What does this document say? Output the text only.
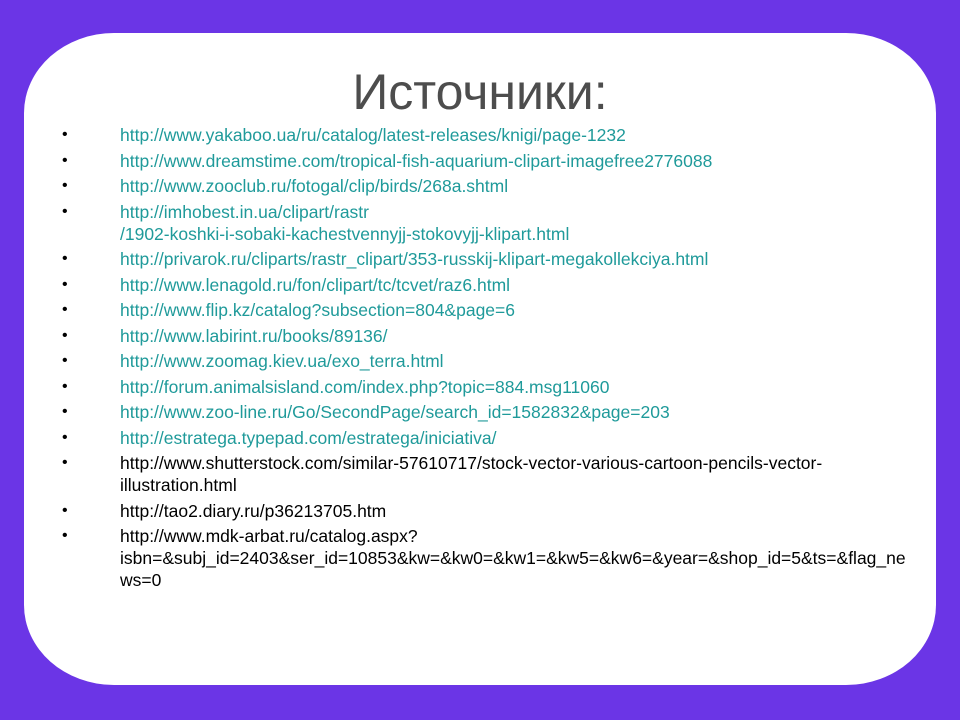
Источники:
•	http://www.yakaboo.ua/ru/catalog/latest-releases/knigi/page-1232
•	http://www.dreamstime.com/tropical-fish-aquarium-clipart-imagefree2776088
•	http://www.zooclub.ru/fotogal/clip/birds/268a.shtml
•	http://imhobest.in.ua/clipart/rastr
/1902-koshki-i-sobaki-kachestvennyjj-stokovyjj-klipart.html
•	http://privarok.ru/cliparts/rastr_clipart/353-russkij-klipart-megakollekciya.html
•	http://www.lenagold.ru/fon/clipart/tc/tcvet/raz6.html
•	http://www.flip.kz/catalog?subsection=804&page=6
•	http://www.labirint.ru/books/89136/
•	http://www.zoomag.kiev.ua/exo_terra.html
•	http://forum.animalsisland.com/index.php?topic=884.msg11060
•	http://www.zoo-line.ru/Go/SecondPage/search_id=1582832&page=203
•	http://estratega.typepad.com/estratega/iniciativa/
•	http://www.shutterstock.com/similar-57610717/stock-vector-various-cartoon-pencils-vector-illustration.html
•	http://tao2.diary.ru/p36213705.htm
•	http://www.mdk-arbat.ru/catalog.aspx?
isbn=&subj_id=2403&ser_id=10853&kw=&kw0=&kw1=&kw5=&kw6=&year=&shop_id=5&ts=&flag_news=0
